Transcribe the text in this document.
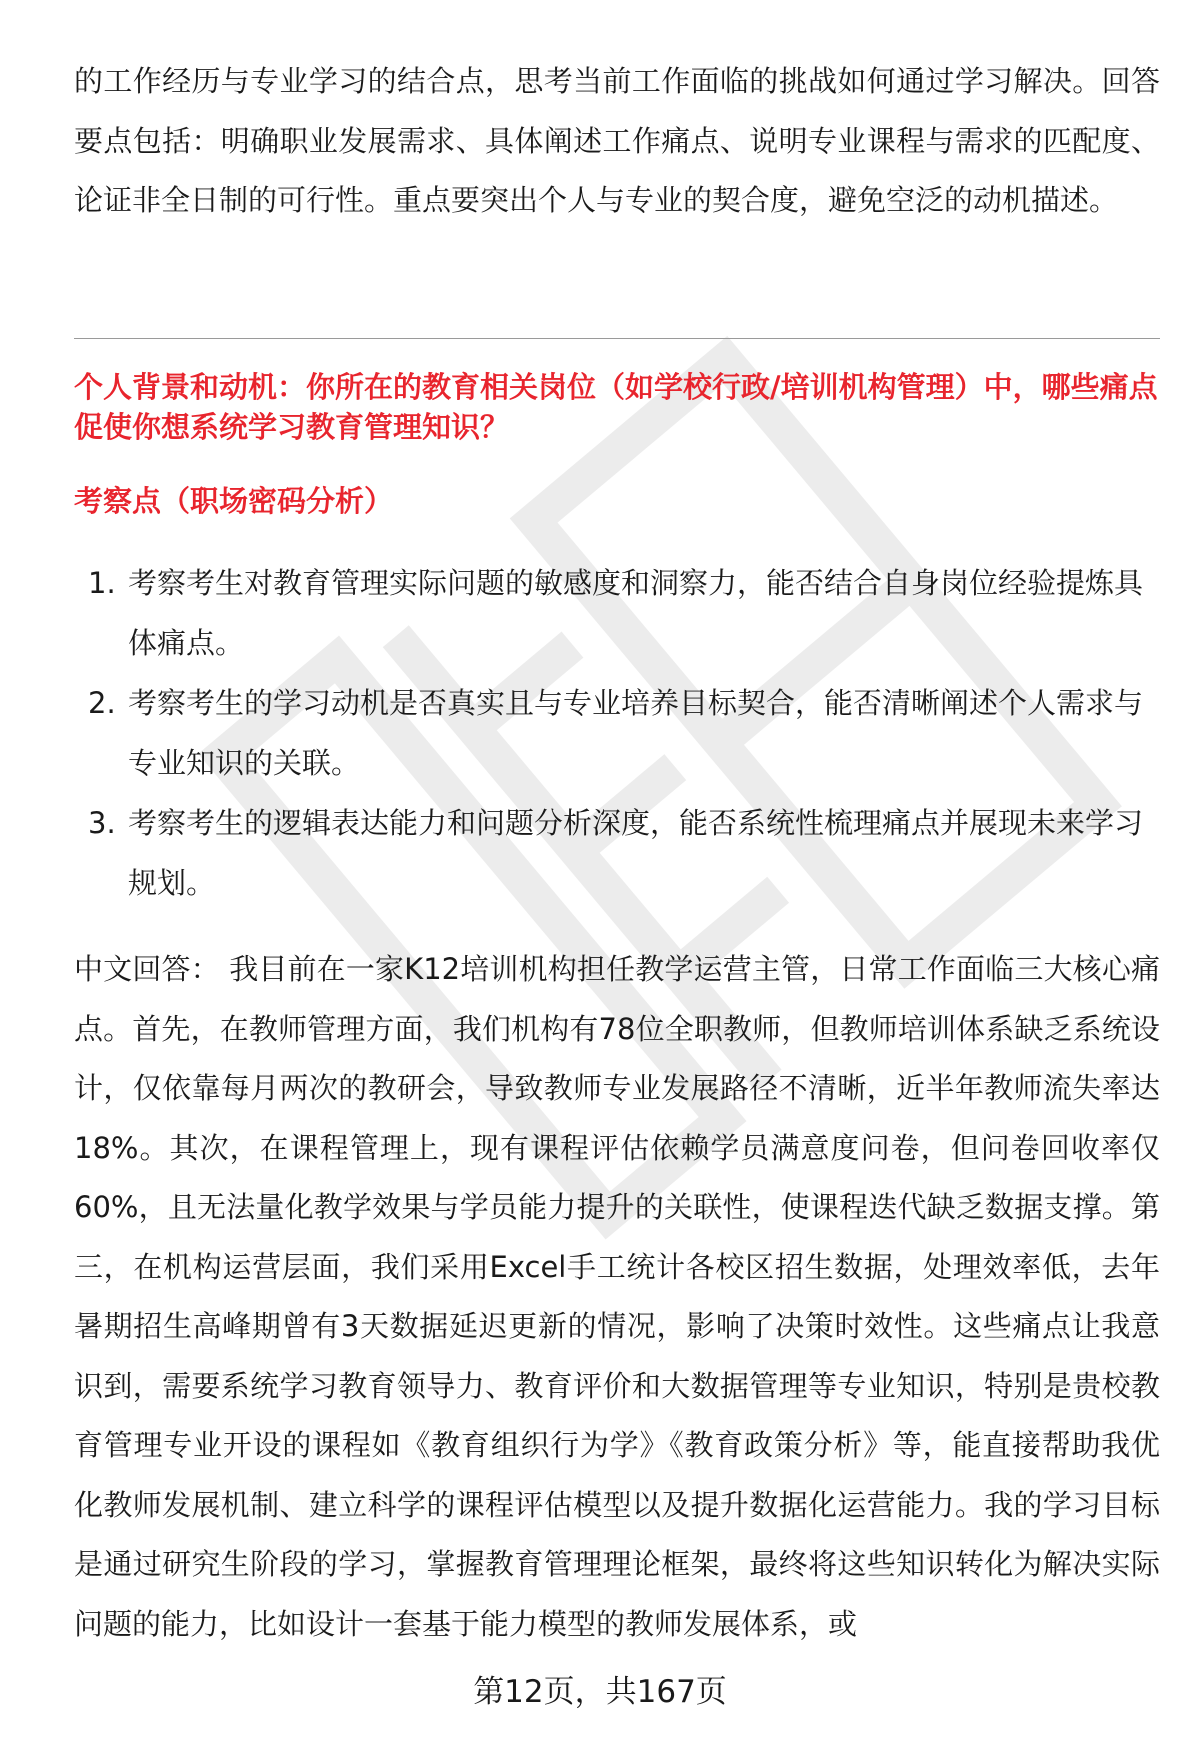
的工作经历与专业学习的结合点，思考当前工作面临的挑战如何通过学习解决。回答要点包括：明确职业发展需求、具体阐述工作痛点、说明专业课程与需求的匹配度、论证非全日制的可行性。重点要突出个人与专业的契合度，避免空泛的动机描述。

个人背景和动机：你所在的教育相关岗位（如学校行政/培训机构管理）中，哪些痛点促使你想系统学习教育管理知识？
考察点（职场密码分析）
1. 考察考生对教育管理实际问题的敏感度和洞察力，能否结合自身岗位经验提炼具体痛点。
2. 考察考生的学习动机是否真实且与专业培养目标契合，能否清晰阐述个人需求与专业知识的关联。
3. 考察考生的逻辑表达能力和问题分析深度，能否系统性梳理痛点并展现未来学习规划。

中文回答： 我目前在一家K12培训机构担任教学运营主管，日常工作面临三大核心痛点。首先，在教师管理方面，我们机构有78位全职教师，但教师培训体系缺乏系统设计，仅依靠每月两次的教研会，导致教师专业发展路径不清晰，近半年教师流失率达18%。其次，在课程管理上，现有课程评估依赖学员满意度问卷，但问卷回收率仅60%，且无法量化教学效果与学员能力提升的关联性，使课程迭代缺乏数据支撑。第三，在机构运营层面，我们采用Excel手工统计各校区招生数据，处理效率低，去年暑期招生高峰期曾有3天数据延迟更新的情况，影响了决策时效性。这些痛点让我意识到，需要系统学习教育领导力、教育评价和大数据管理等专业知识，特别是贵校教育管理专业开设的课程如《教育组织行为学》《教育政策分析》等，能直接帮助我优化教师发展机制、建立科学的课程评估模型以及提升数据化运营能力。我的学习目标是通过研究生阶段的学习，掌握教育管理理论框架，最终将这些知识转化为解决实际问题的能力，比如设计一套基于能力模型的教师发展体系，或

第12页，共167页
